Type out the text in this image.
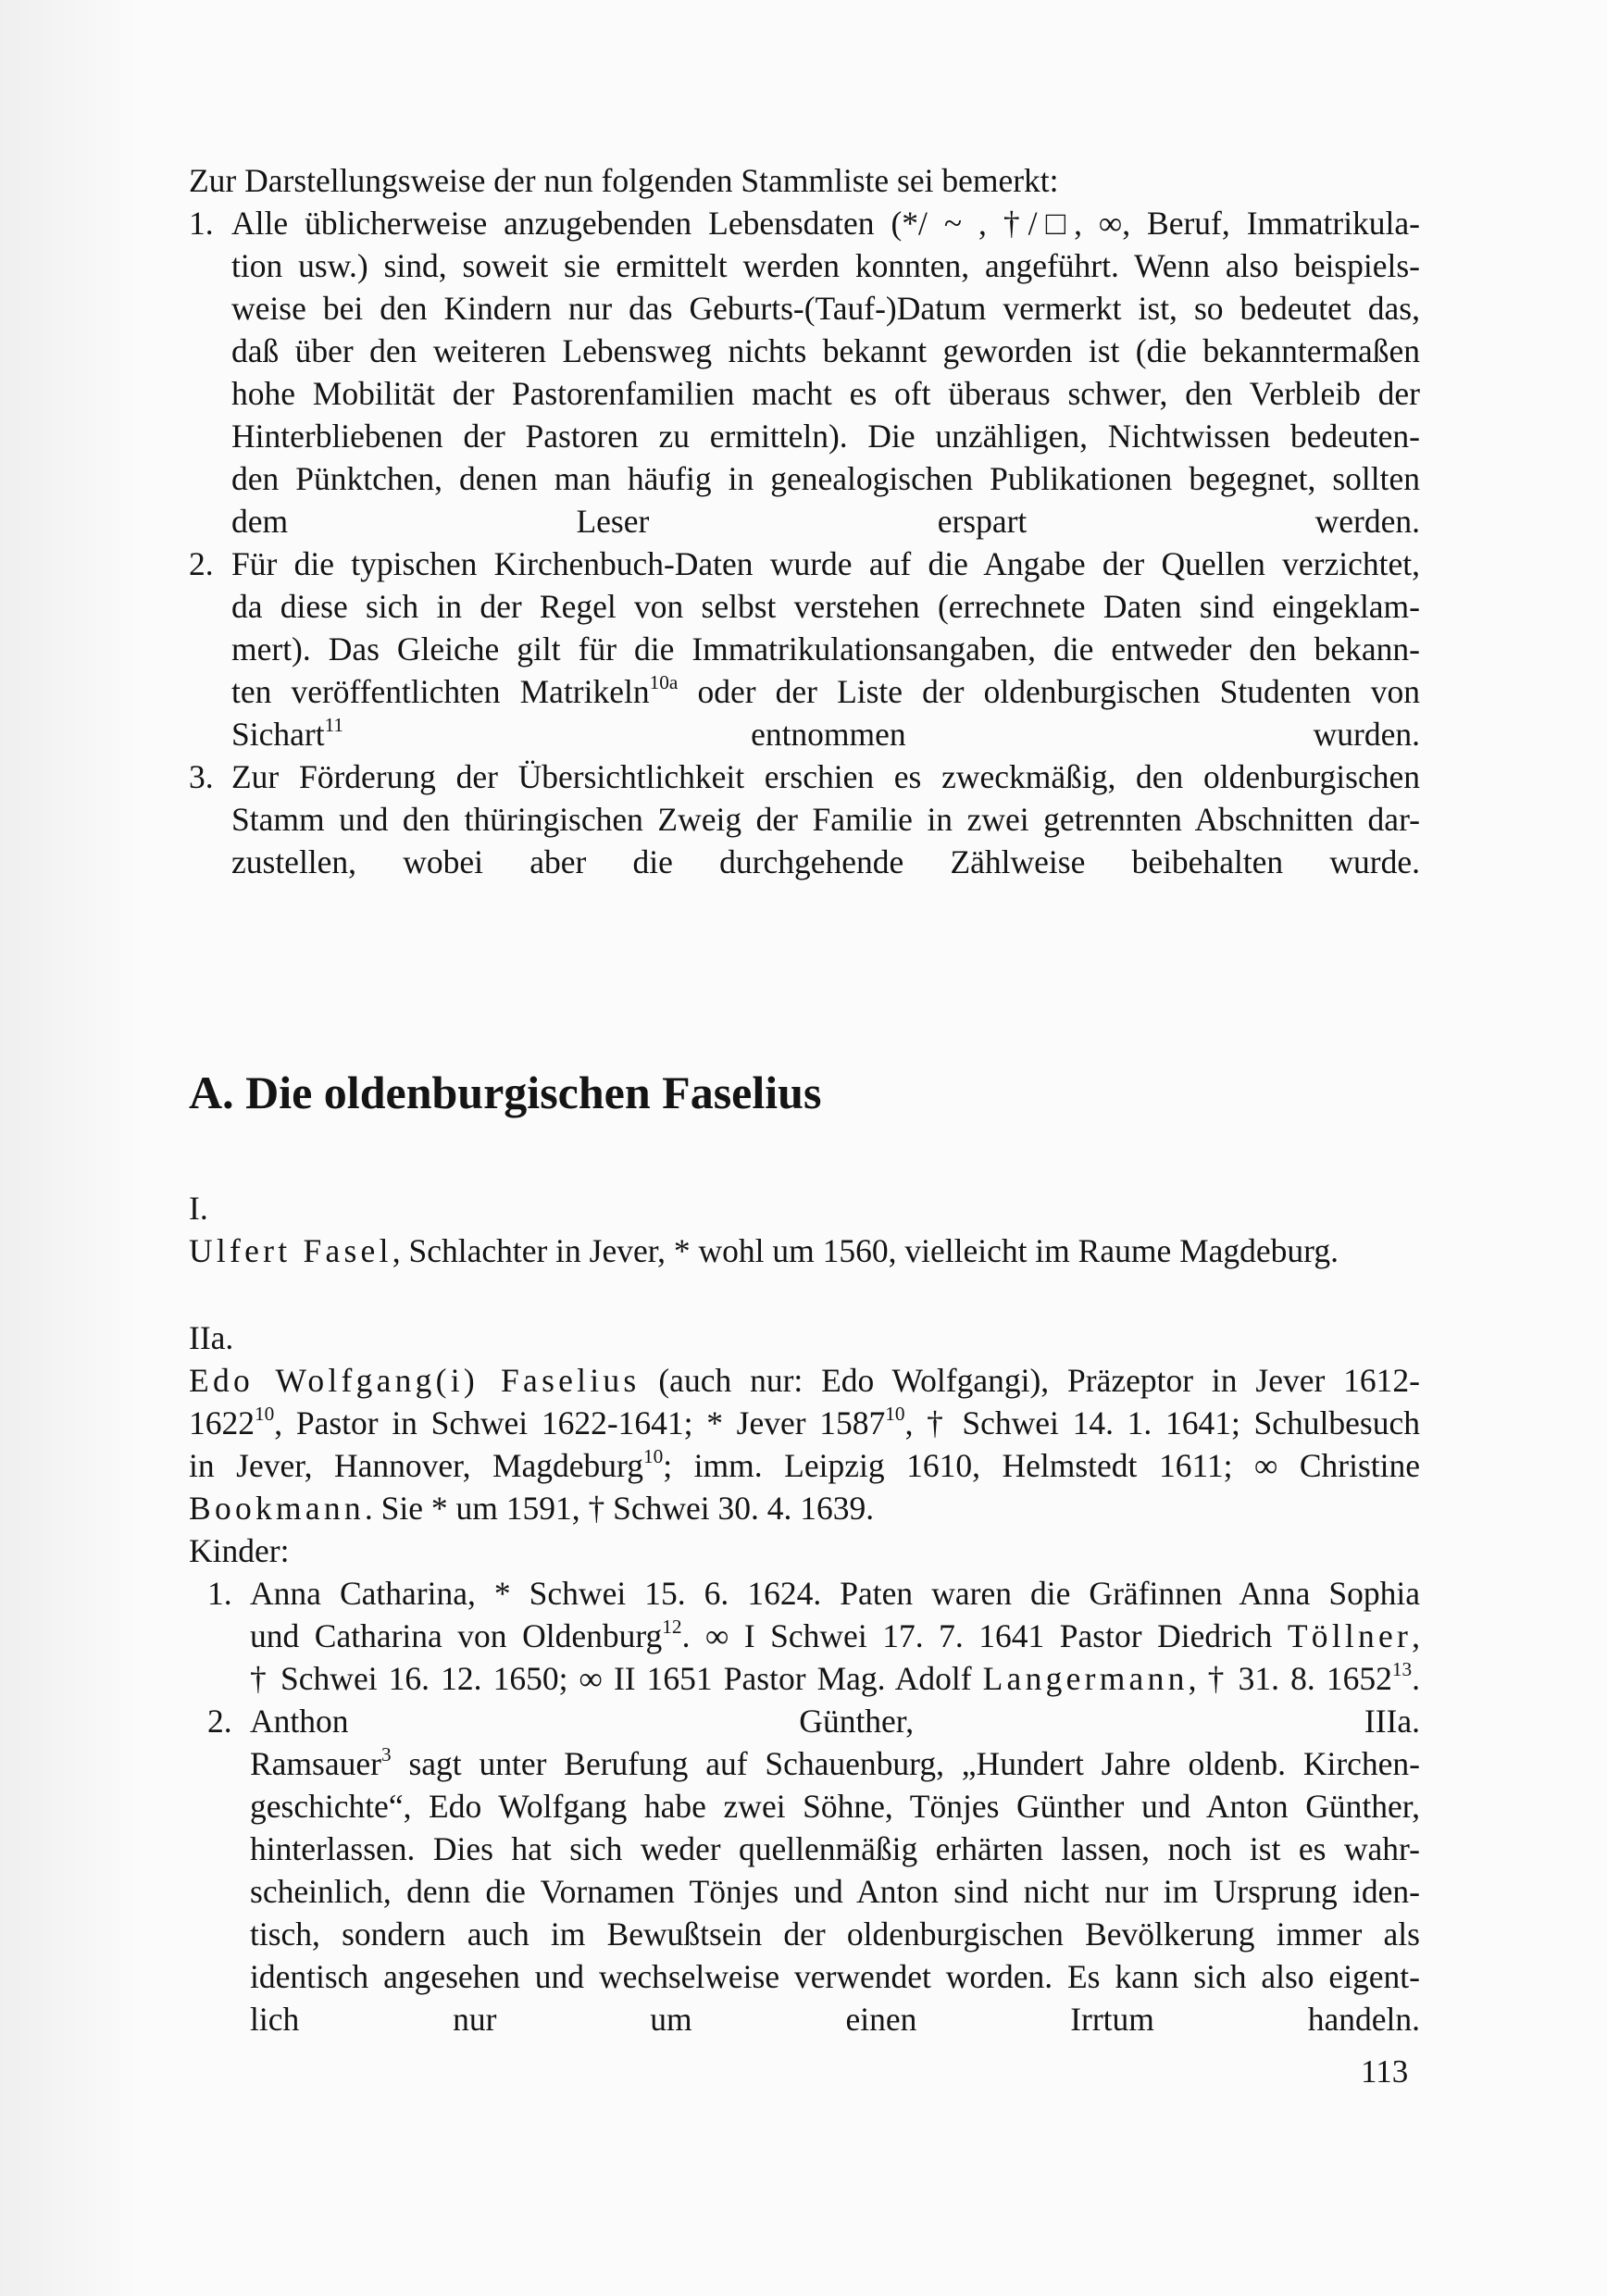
Zur Darstellungsweise der nun folgenden Stammliste sei bemerkt:

1. Alle üblicherweise anzugebenden Lebensdaten (*/ ~ , †/□, ∞, Beruf, Immatrikula-
tion usw.) sind, soweit sie ermittelt werden konnten, angeführt. Wenn also beispiels-
weise bei den Kindern nur das Geburts-(Tauf-)Datum vermerkt ist, so bedeutet das,
daß über den weiteren Lebensweg nichts bekannt geworden ist (die bekanntermaßen
hohe Mobilität der Pastorenfamilien macht es oft überaus schwer, den Verbleib der
Hinterbliebenen der Pastoren zu ermitteln). Die unzähligen, Nichtwissen bedeuten-
den Pünktchen, denen man häufig in genealogischen Publikationen begegnet, sollten
dem Leser erspart werden.
2. Für die typischen Kirchenbuch-Daten wurde auf die Angabe der Quellen verzichtet,
da diese sich in der Regel von selbst verstehen (errechnete Daten sind eingeklam-
mert). Das Gleiche gilt für die Immatrikulationsangaben, die entweder den bekann-
ten veröffentlichten Matrikeln$^{10a}$ oder der Liste der oldenburgischen Studenten von
Sichart$^{11}$	entnommen wurden.
3. Zur Förderung der Übersichtlichkeit erschien es zweckmäßig, den oldenburgischen
Stamm und den thüringischen Zweig der Familie in zwei getrennten Abschnitten dar-
zustellen, wobei aber die durchgehende Zählweise beibehalten wurde.
A. Die oldenburgischen Faselius

I.

Ulfert Fasel, Schlachter in Jever, * wohl um 1560, vielleicht im Raume Magdeburg.

IIa.

Edo Wolfgang(i) Faselius (auch nur: Edo Wolfgangi), Präzeptor in Jever 1612-
1622$^{10}$, Pastor in Schwei 1622-1641; * Jever 1587$^{10}$, † Schwei 14. 1. 1641; Schulbesuch
in Jever, Hannover, Magdeburg$^{10}$; imm. Leipzig 1610, Helmstedt 1611; ∞ Christine
Bookmann. Sie * um 1591, † Schwei 30. 4. 1639.

Kinder:

1. Anna Catharina, * Schwei 15. 6. 1624. Paten waren die Gräfinnen Anna Sophia
und Catharina von Oldenburg$^{12}$. ∞ I Schwei 17. 7. 1641 Pastor Diedrich Töllner,
† Schwei 16. 12. 1650; ∞ II 1651 Pastor Mag. Adolf Langermann, † 31. 8. 1652$^{13}$.
2. Anthon Günther, IIIa.
Ramsauer$^3$ sagt unter Berufung auf Schauenburg, „Hundert Jahre oldenb. Kirchen-
geschichte“, Edo Wolfgang habe zwei Söhne, Tönjes Günther und Anton Günther,
hinterlassen. Dies hat sich weder quellenmäßig erhärten lassen, noch ist es wahr-
scheinlich, denn die Vornamen Tönjes und Anton sind nicht nur im Ursprung iden-
tisch, sondern auch im Bewußtsein der oldenburgischen Bevölkerung immer als
identisch angesehen und wechselweise verwendet worden. Es kann sich also eigent-
lich nur um einen Irrtum handeln.
113
